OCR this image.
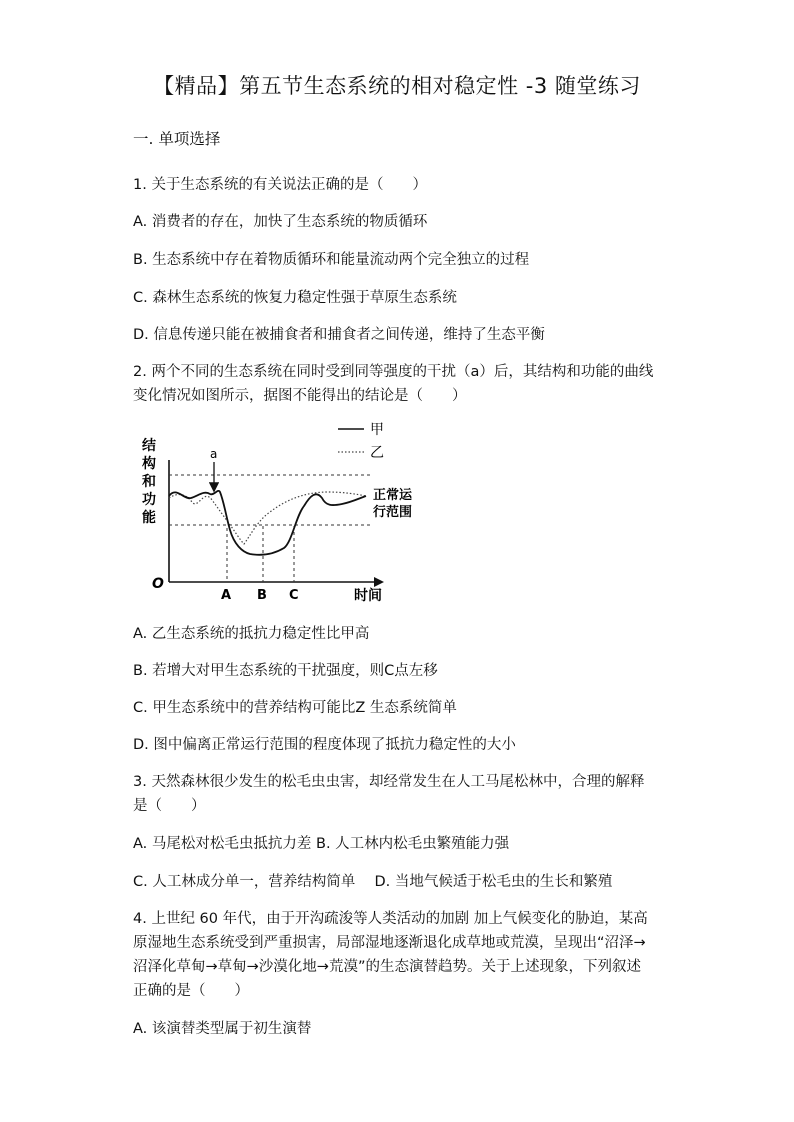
【精品】第五节生态系统的相对稳定性 -3 随堂练习
一. 单项选择
1. 关于生态系统的有关说法正确的是（　　）
A. 消费者的存在，加快了生态系统的物质循环
B. 生态系统中存在着物质循环和能量流动两个完全独立的过程
C. 森林生态系统的恢复力稳定性强于草原生态系统
D. 信息传递只能在被捕食者和捕食者之间传递，维持了生态平衡
2. 两个不同的生态系统在同时受到同等强度的干扰（a）后，其结构和功能的曲线
变化情况如图所示，据图不能得出的结论是（　　）
a
结
构
和
功
能
O
A B C	时间
甲
乙
正常运
行范围
A. 乙生态系统的抵抗力稳定性比甲高
B. 若增大对甲生态系统的干扰强度，则C点左移
C. 甲生态系统中的营养结构可能比Z 生态系统简单
D. 图中偏离正常运行范围的程度体现了抵抗力稳定性的大小
3. 天然森林很少发生的松毛虫虫害，却经常发生在人工马尾松林中，合理的解释
是（　　）
A. 马尾松对松毛虫抵抗力差 B. 人工林内松毛虫繁殖能力强
C. 人工林成分单一，营养结构简单　 D. 当地气候适于松毛虫的生长和繁殖
4. 上世纪 60 年代，由于开沟疏浚等人类活动的加剧 加上气候变化的胁迫，某高
原湿地生态系统受到严重损害，局部湿地逐渐退化成草地或荒漠，呈现出“沼泽→
沼泽化草甸→草甸→沙漠化地→荒漠”的生态演替趋势。关于上述现象，下列叙述
正确的是（　　）
A. 该演替类型属于初生演替
